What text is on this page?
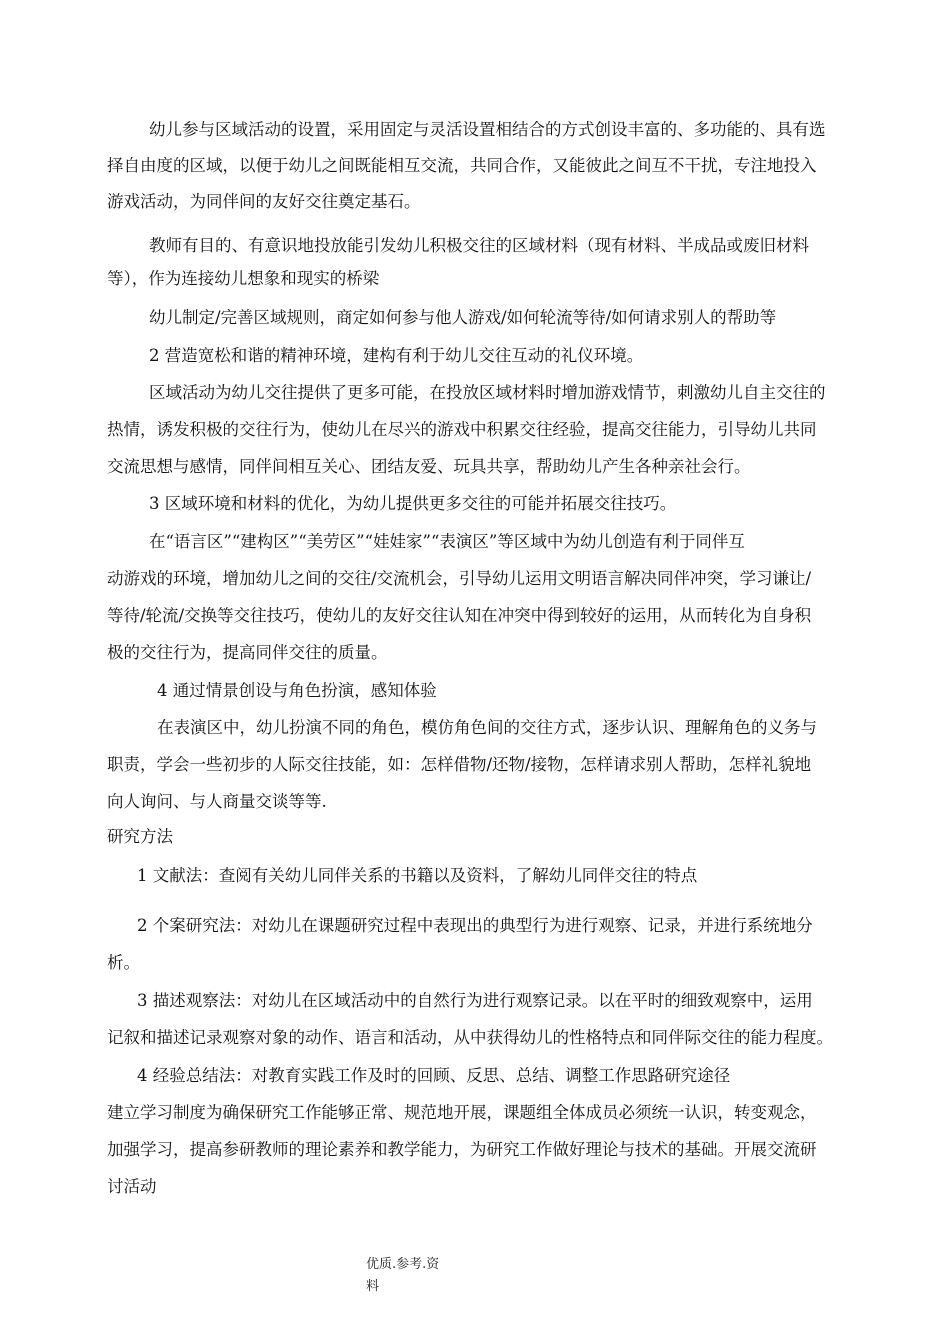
幼儿参与区域活动的设置，采用固定与灵活设置相结合的方式创设丰富的、多功能的、具有选
择自由度的区域，以便于幼儿之间既能相互交流，共同合作，又能彼此之间互不干扰，专注地投入
游戏活动，为同伴间的友好交往奠定基石。
教师有目的、有意识地投放能引发幼儿积极交往的区域材料（现有材料、半成品或废旧材料
等），作为连接幼儿想象和现实的桥梁
幼儿制定/完善区域规则，商定如何参与他人游戏/如何轮流等待/如何请求别人的帮助等
2 营造宽松和谐的精神环境，建构有利于幼儿交往互动的礼仪环境。
区域活动为幼儿交往提供了更多可能，在投放区域材料时增加游戏情节，刺激幼儿自主交往的
热情，诱发积极的交往行为，使幼儿在尽兴的游戏中积累交往经验，提高交往能力，引导幼儿共同
交流思想与感情，同伴间相互关心、团结友爱、玩具共享，帮助幼儿产生各种亲社会行。
3 区域环境和材料的优化，为幼儿提供更多交往的可能并拓展交往技巧。
在“语言区”“建构区”“美劳区”“娃娃家”“表演区”等区域中为幼儿创造有利于同伴互
动游戏的环境，增加幼儿之间的交往/交流机会，引导幼儿运用文明语言解决同伴冲突，学习谦让/
等待/轮流/交换等交往技巧，使幼儿的友好交往认知在冲突中得到较好的运用，从而转化为自身积
极的交往行为，提高同伴交往的质量。
4 通过情景创设与角色扮演，感知体验
在表演区中，幼儿扮演不同的角色，模仿角色间的交往方式，逐步认识、理解角色的义务与
职责，学会一些初步的人际交往技能，如：怎样借物/还物/接物，怎样请求别人帮助，怎样礼貌地
向人询问、与人商量交谈等等.
研究方法
1 文献法：查阅有关幼儿同伴关系的书籍以及资料，了解幼儿同伴交往的特点
2 个案研究法：对幼儿在课题研究过程中表现出的典型行为进行观察、记录，并进行系统地分
析。
3 描述观察法：对幼儿在区域活动中的自然行为进行观察记录。以在平时的细致观察中，运用
记叙和描述记录观察对象的动作、语言和活动，从中获得幼儿的性格特点和同伴际交往的能力程度。
4 经验总结法：对教育实践工作及时的回顾、反思、总结、调整工作思路研究途径
建立学习制度为确保研究工作能够正常、规范地开展，课题组全体成员必须统一认识，转变观念，
加强学习，提高参研教师的理论素养和教学能力，为研究工作做好理论与技术的基础。开展交流研
讨活动
优质.参考.资
料
